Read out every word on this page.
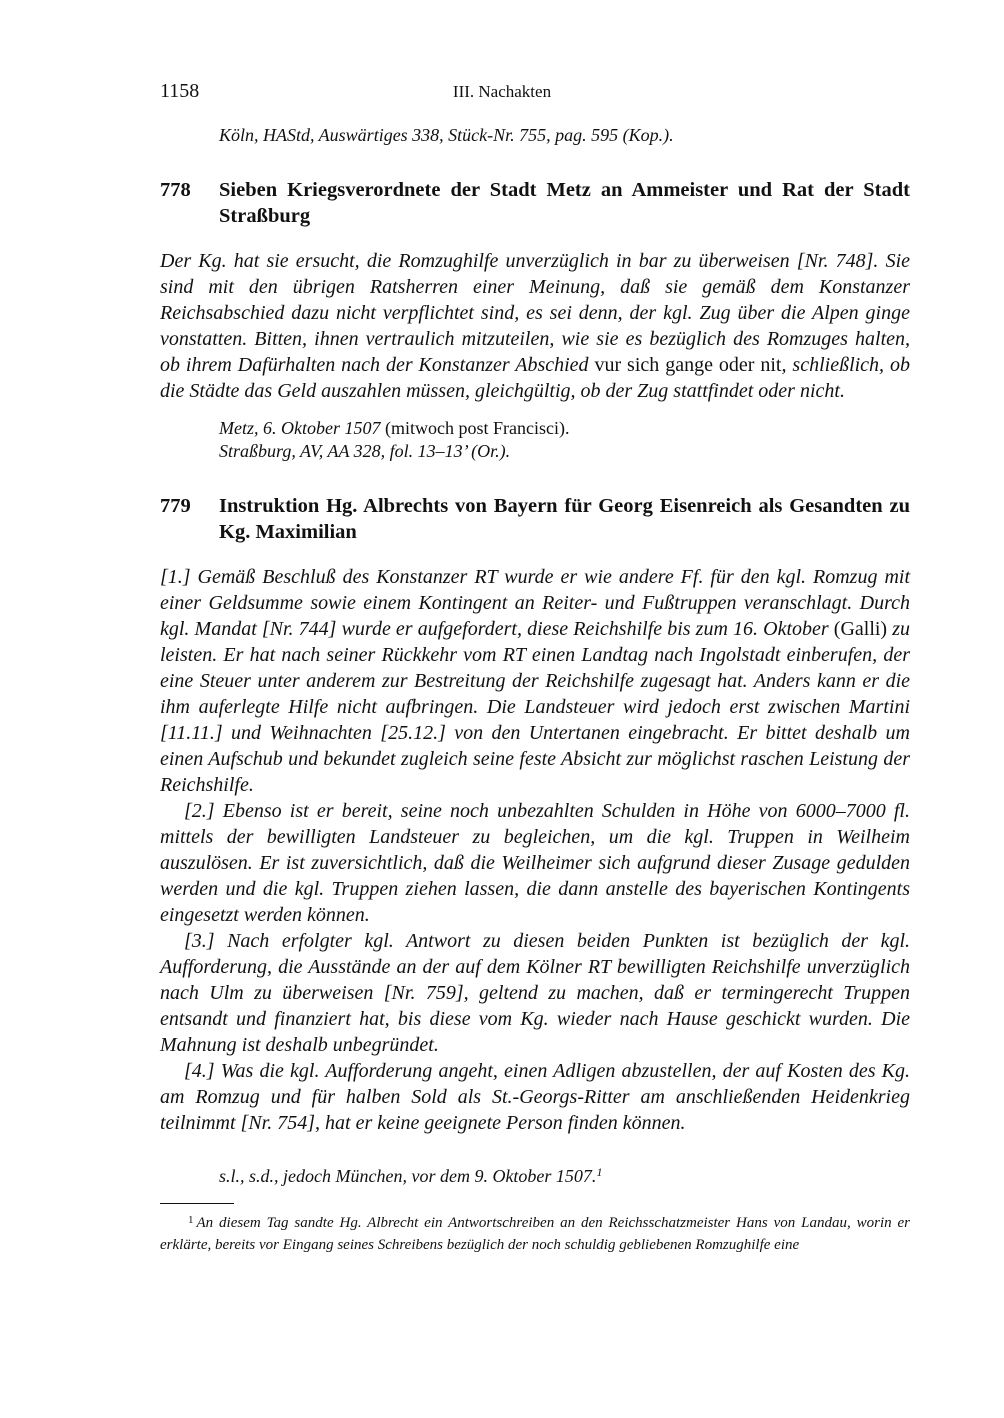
1158	III. Nachakten
Köln, HAStd, Auswärtiges 338, Stück-Nr. 755, pag. 595 (Kop.).
778 Sieben Kriegsverordnete der Stadt Metz an Ammeister und Rat der Stadt Straßburg

Der Kg. hat sie ersucht, die Romzughilfe unverzüglich in bar zu überweisen [Nr. 748]. Sie sind mit den übrigen Ratsherren einer Meinung, daß sie gemäß dem Konstanzer Reichsabschied dazu nicht verpflichtet sind, es sei denn, der kgl. Zug über die Alpen ginge vonstatten. Bitten, ihnen vertraulich mitzuteilen, wie sie es bezüglich des Romzuges halten, ob ihrem Dafürhalten nach der Konstanzer Abschied vur sich gange oder nit, schließlich, ob die Städte das Geld auszahlen müssen, gleichgültig, ob der Zug stattfindet oder nicht.

Metz, 6. Oktober 1507 (mitwoch post Francisci).
Straßburg, AV, AA 328, fol. 13–13’ (Or.).
779 Instruktion Hg. Albrechts von Bayern für Georg Eisenreich als Gesandten zu Kg. Maximilian

[1.] Gemäß Beschluß des Konstanzer RT wurde er wie andere Ff. für den kgl. Romzug mit einer Geldsumme sowie einem Kontingent an Reiter- und Fußtruppen veranschlagt. Durch kgl. Mandat [Nr. 744] wurde er aufgefordert, diese Reichshilfe bis zum 16. Oktober (Galli) zu leisten. Er hat nach seiner Rückkehr vom RT einen Landtag nach Ingolstadt einberufen, der eine Steuer unter anderem zur Bestreitung der Reichshilfe zugesagt hat. Anders kann er die ihm auferlegte Hilfe nicht aufbringen. Die Landsteuer wird jedoch erst zwischen Martini [11.11.] und Weihnachten [25.12.] von den Untertanen eingebracht. Er bittet deshalb um einen Aufschub und bekundet zugleich seine feste Absicht zur möglichst raschen Leistung der Reichshilfe.

[2.] Ebenso ist er bereit, seine noch unbezahlten Schulden in Höhe von 6000–7000 fl. mittels der bewilligten Landsteuer zu begleichen, um die kgl. Truppen in Weilheim auszulösen. Er ist zuversichtlich, daß die Weilheimer sich aufgrund dieser Zusage gedulden werden und die kgl. Truppen ziehen lassen, die dann anstelle des bayerischen Kontingents eingesetzt werden können.

[3.] Nach erfolgter kgl. Antwort zu diesen beiden Punkten ist bezüglich der kgl. Aufforderung, die Ausstände an der auf dem Kölner RT bewilligten Reichshilfe unverzüglich nach Ulm zu überweisen [Nr. 759], geltend zu machen, daß er termingerecht Truppen entsandt und finanziert hat, bis diese vom Kg. wieder nach Hause geschickt wurden. Die Mahnung ist deshalb unbegründet.

[4.] Was die kgl. Aufforderung angeht, einen Adligen abzustellen, der auf Kosten des Kg. am Romzug und für halben Sold als St.-Georgs-Ritter am anschließenden Heidenkrieg teilnimmt [Nr. 754], hat er keine geeignete Person finden können.

s.l., s.d., jedoch München, vor dem 9. Oktober 1507.$^1$
$^1$ An diesem Tag sandte Hg. Albrecht ein Antwortschreiben an den Reichsschatzmeister Hans von Landau, worin er erklärte, bereits vor Eingang seines Schreibens bezüglich der noch schuldig gebliebenen Romzughilfe eine
